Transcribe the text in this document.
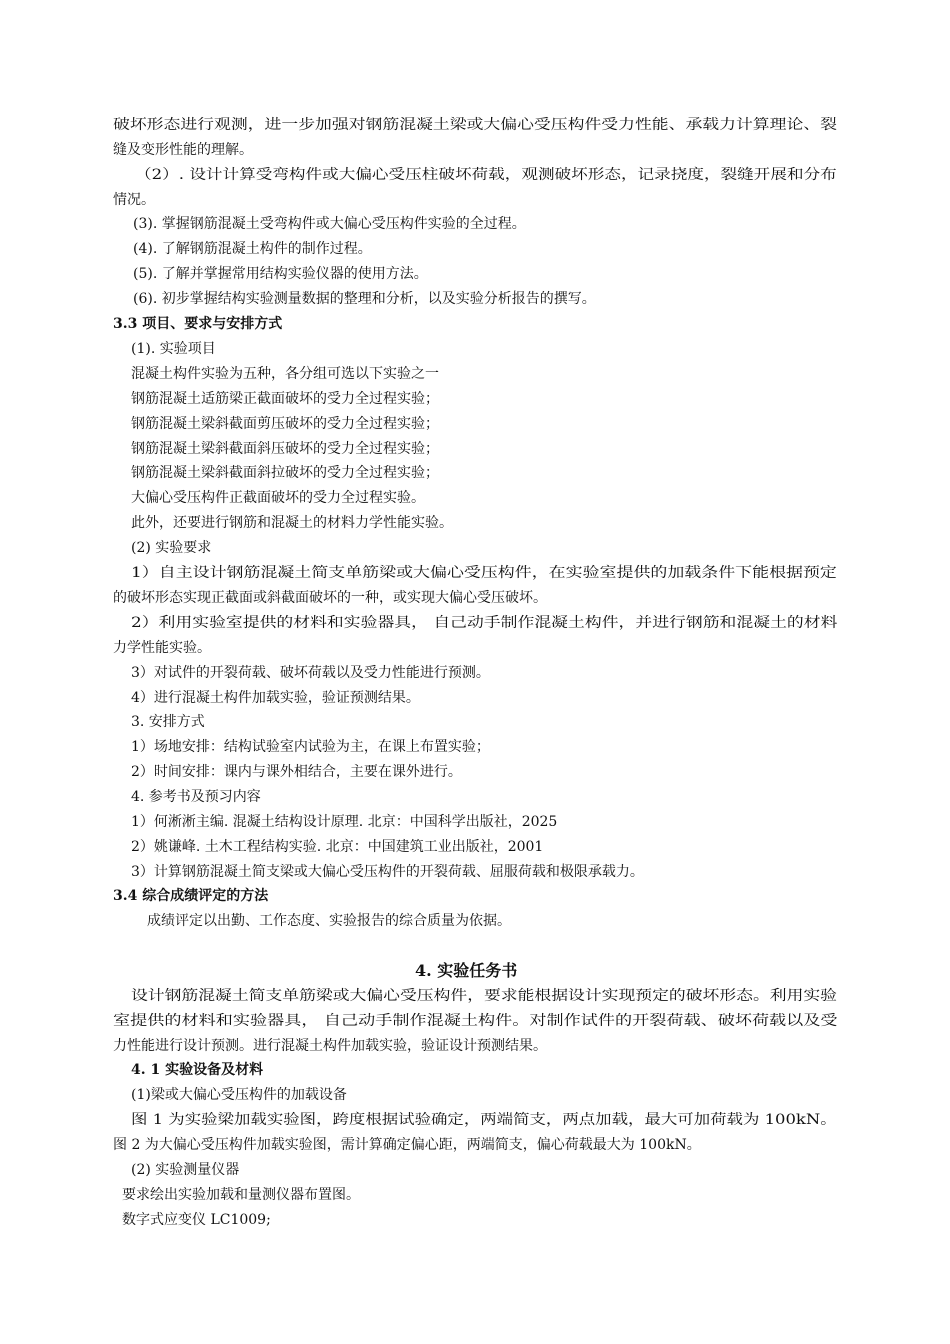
破坏形态进行观测，进一步加强对钢筋混凝土梁或大偏心受压构件受力性能、承载力计算理论、裂
缝及变形性能的理解。
（2）. 设计计算受弯构件或大偏心受压柱破坏荷载，观测破坏形态，记录挠度，裂缝开展和分布
情况。
(3). 掌握钢筋混凝土受弯构件或大偏心受压构件实验的全过程。
(4). 了解钢筋混凝土构件的制作过程。
(5). 了解并掌握常用结构实验仪器的使用方法。
(6). 初步掌握结构实验测量数据的整理和分析，以及实验分析报告的撰写。
3.3 项目、要求与安排方式
(1). 实验项目
混凝土构件实验为五种，各分组可选以下实验之一
钢筋混凝土适筋梁正截面破坏的受力全过程实验；
钢筋混凝土梁斜截面剪压破坏的受力全过程实验；
钢筋混凝土梁斜截面斜压破坏的受力全过程实验；
钢筋混凝土梁斜截面斜拉破坏的受力全过程实验；
大偏心受压构件正截面破坏的受力全过程实验。
此外，还要进行钢筋和混凝土的材料力学性能实验。
(2) 实验要求
1）自主设计钢筋混凝土简支单筋梁或大偏心受压构件，在实验室提供的加载条件下能根据预定
的破坏形态实现正截面或斜截面破坏的一种，或实现大偏心受压破坏。
2）利用实验室提供的材料和实验器具， 自己动手制作混凝土构件，并进行钢筋和混凝土的材料
力学性能实验。
3）对试件的开裂荷载、破坏荷载以及受力性能进行预测。
4）进行混凝土构件加载实验，验证预测结果。
3. 安排方式
1）场地安排：结构试验室内试验为主，在课上布置实验；
2）时间安排：课内与课外相结合，主要在课外进行。
4. 参考书及预习内容
1）何淅淅主编. 混凝土结构设计原理. 北京：中国科学出版社，2025
2）姚谦峰. 土木工程结构实验. 北京：中国建筑工业出版社，2001
3）计算钢筋混凝土简支梁或大偏心受压构件的开裂荷载、屈服荷载和极限承载力。
3.4 综合成绩评定的方法
成绩评定以出勤、工作态度、实验报告的综合质量为依据。
4. 实验任务书
设计钢筋混凝土简支单筋梁或大偏心受压构件，要求能根据设计实现预定的破坏形态。利用实验
室提供的材料和实验器具， 自己动手制作混凝土构件。对制作试件的开裂荷载、破坏荷载以及受
力性能进行设计预测。进行混凝土构件加载实验，验证设计预测结果。
4. 1 实验设备及材料
(1)梁或大偏心受压构件的加载设备
图 1 为实验梁加载实验图，跨度根据试验确定，两端简支，两点加载，最大可加荷载为 100kN。
图 2 为大偏心受压构件加载实验图，需计算确定偏心距，两端简支，偏心荷载最大为 100kN。
(2) 实验测量仪器
要求绘出实验加载和量测仪器布置图。
数字式应变仪 LC1009;
